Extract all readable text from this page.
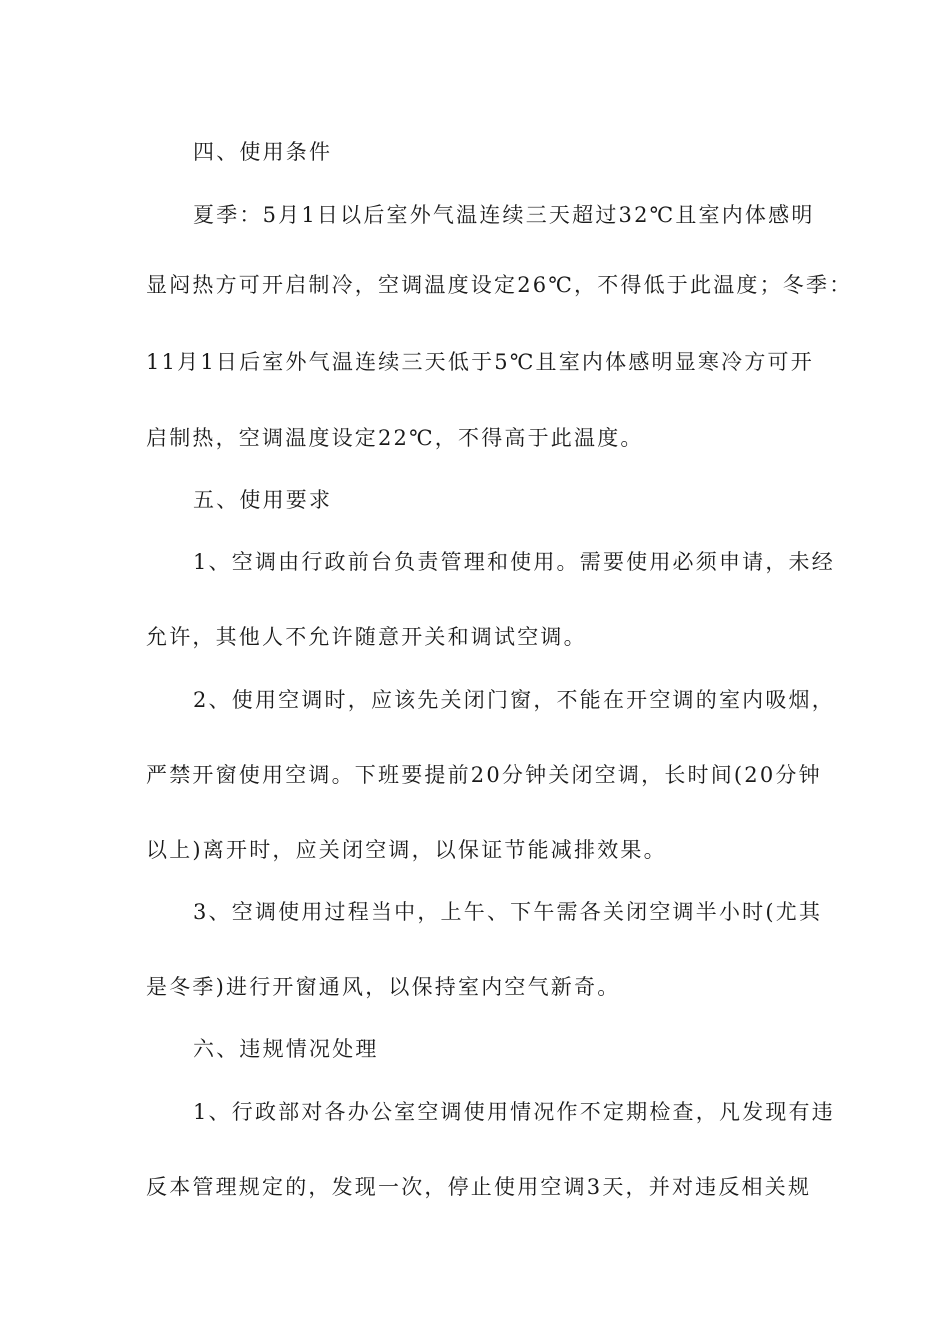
四、使用条件
夏季：5月1日以后室外气温连续三天超过32℃且室内体感明
显闷热方可开启制冷，空调温度设定26℃，不得低于此温度；冬季：
11月1日后室外气温连续三天低于5℃且室内体感明显寒冷方可开
启制热，空调温度设定22℃，不得高于此温度。
五、使用要求
1、空调由行政前台负责管理和使用。需要使用必须申请，未经
允许，其他人不允许随意开关和调试空调。
2、使用空调时，应该先关闭门窗，不能在开空调的室内吸烟，
严禁开窗使用空调。下班要提前20分钟关闭空调，长时间(20分钟
以上)离开时，应关闭空调，以保证节能减排效果。
3、空调使用过程当中，上午、下午需各关闭空调半小时(尤其
是冬季)进行开窗通风，以保持室内空气新奇。
六、违规情况处理
1、行政部对各办公室空调使用情况作不定期检查，凡发现有违
反本管理规定的，发现一次，停止使用空调3天，并对违反相关规
